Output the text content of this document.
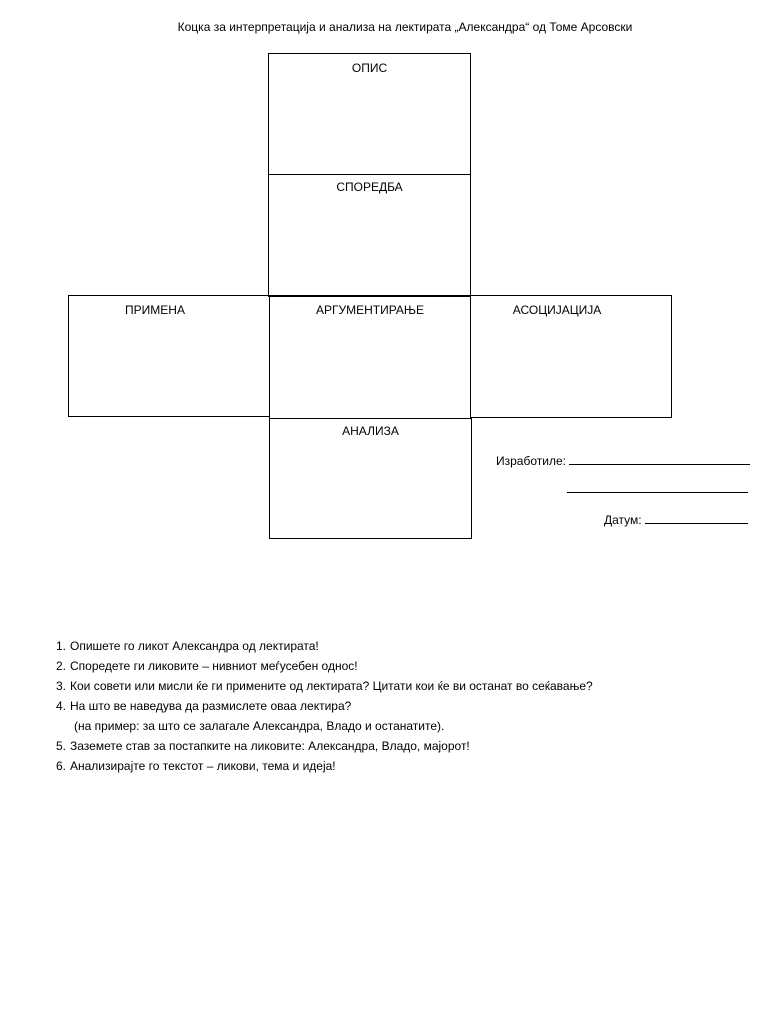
Коцка за интерпретација и анализа на лектирата „Александра“ од Томе Арсовски
ОПИС
СПОРЕДБА
ПРИМЕНА	АРГУМЕНТИРАЊЕ	АСОЦИЈАЦИЈА
АНАЛИЗА
Изработиле:
Датум:
1. Опишете го ликот Александра од лектирата!
2. Споредете ги ликовите – нивниот меѓусебен однос!
3. Кои совети или мисли ќе ги примените од лектирата? Цитати кои ќе ви останат во сеќавање?
4. На што ве наведува да размислете оваа лектира?
(на пример: за што се залагале Александра, Владо и останатите).
5. Заземете став за постапките на ликовите: Александра, Владо, мајорот!
6. Анализирајте го текстот – ликови, тема и идеја!
